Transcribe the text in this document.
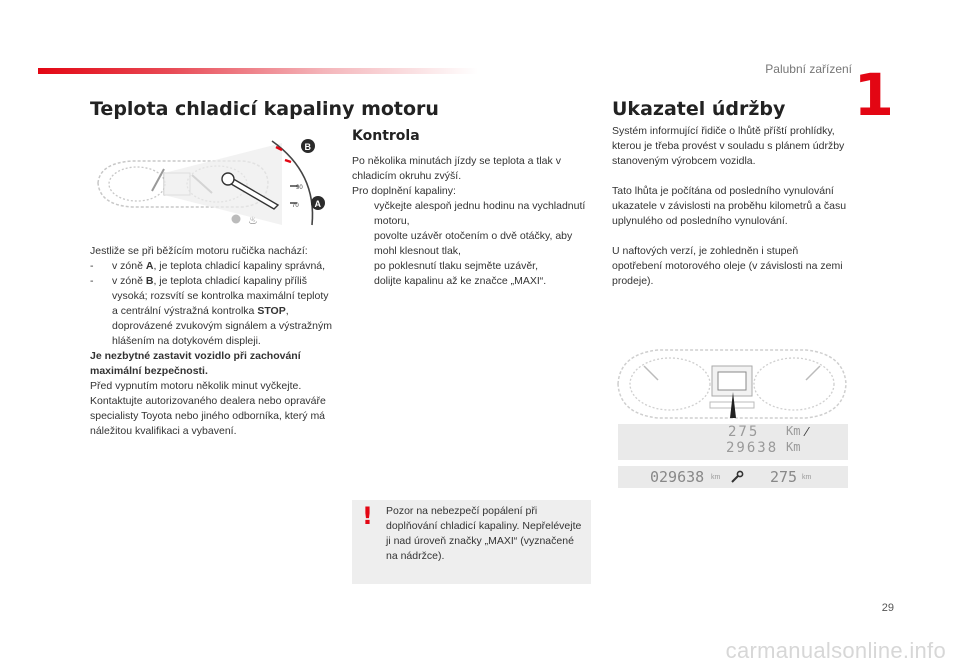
Palubní zařízení 1
Teplota chladicí kapaliny motoru
90
70
♨
B
A

Jestliže se při běžícím motoru ručička nachází:

- v zóně A, je teplota chladicí kapaliny správná,
- v zóně B, je teplota chladicí kapaliny příliš vysoká; rozsvítí se kontrolka maximální teploty a centrální výstražná kontrolka STOP, doprovázené zvukovým signálem a výstražným hlášením na dotykovém displeji.

Je nezbytné zastavit vozidlo při zachování maximální bezpečnosti.

Před vypnutím motoru několik minut vyčkejte. Kontaktujte autorizovaného dealera nebo opraváře specialisty Toyota nebo jiného odborníka, který má náležitou kvalifikaci a vybavení.

Kontrola

Po několika minutách jízdy se teplota a tlak v chladicím okruhu zvýší.

Pro doplnění kapaliny:

vyčkejte alespoň jednu hodinu na vychladnutí motoru,
povolte uzávěr otočením o dvě otáčky, aby mohl klesnout tlak,
po poklesnutí tlaku sejměte uzávěr,
dolijte kapalinu až ke značce „MAXI“.
! Pozor na nebezpečí popálení při doplňování chladicí kapaliny. Nepřelévejte ji nad úroveň značky „MAXI“ (vyznačené na nádržce).
Ukazatel údržby

Systém informující řidiče o lhůtě příští prohlídky, kterou je třeba provést v souladu s plánem údržby stanoveným výrobcem vozidla.

Tato lhůta je počítána od posledního vynulování ukazatele v závislosti na proběhu kilometrů a času uplynulého od posledního vynulování.

U naftových verzí, je zohledněn i stupeň opotřebení motorového oleje (v závislosti na zemi prodeje).

275 Km ⁄
29638 Km
029638 km	275 km
29
carmanualsonline.info
